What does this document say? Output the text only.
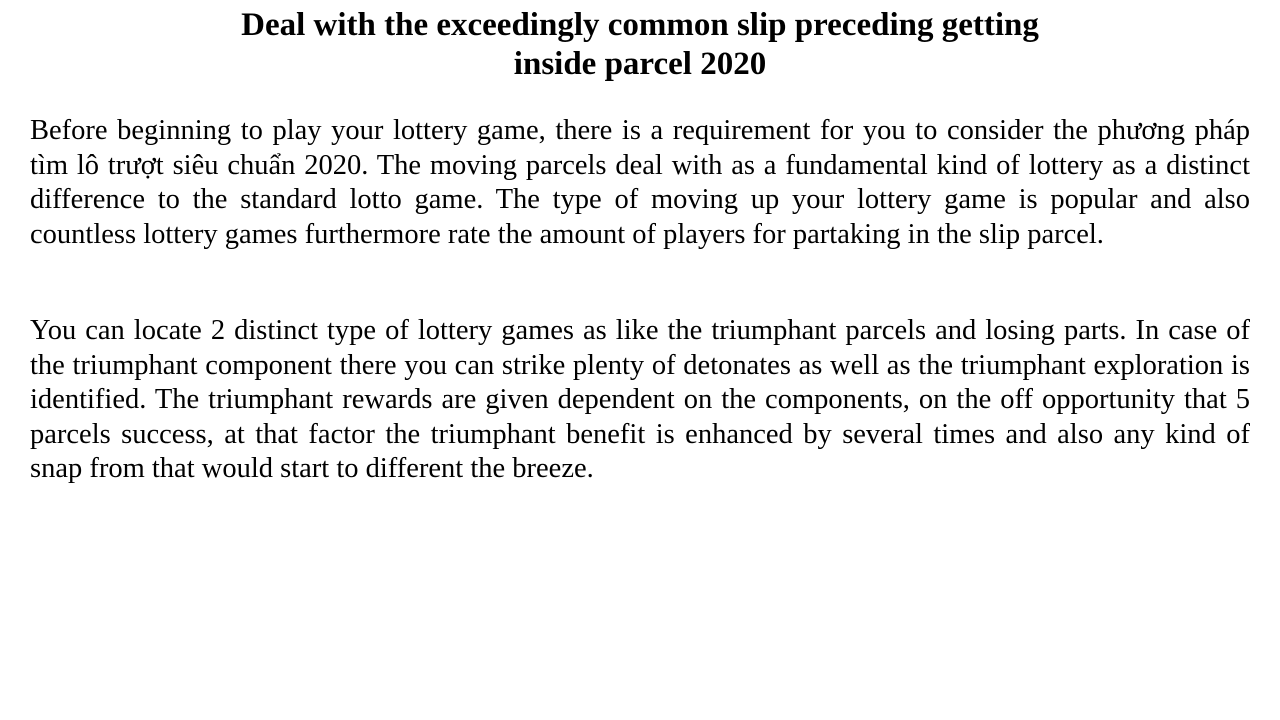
Deal with the exceedingly common slip preceding getting inside parcel 2020

Before beginning to play your lottery game, there is a requirement for you to consider the phương pháp tìm lô trượt siêu chuẩn 2020. The moving parcels deal with as a fundamental kind of lottery as a distinct difference to the standard lotto game. The type of moving up your lottery game is popular and also countless lottery games furthermore rate the amount of players for partaking in the slip parcel.

You can locate 2 distinct type of lottery games as like the triumphant parcels and losing parts. In case of the triumphant component there you can strike plenty of detonates as well as the triumphant exploration is identified. The triumphant rewards are given dependent on the components, on the off opportunity that 5 parcels success, at that factor the triumphant benefit is enhanced by several times and also any kind of snap from that would start to different the breeze.
